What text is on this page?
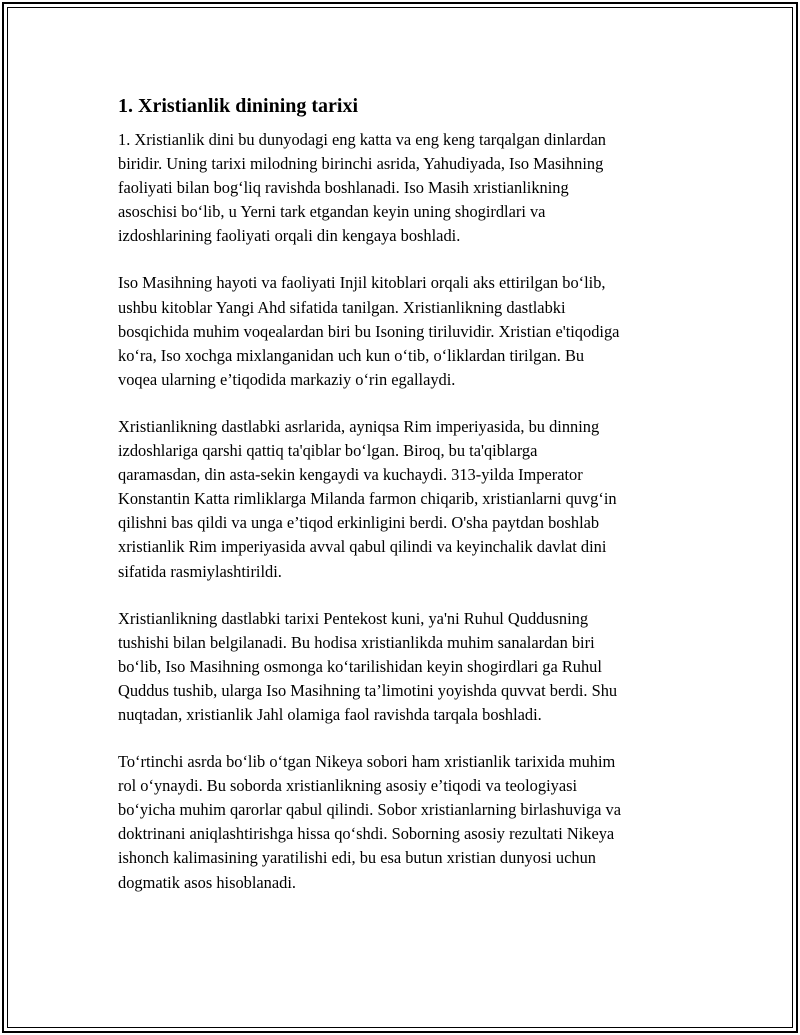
1. Xristianlik dinining tarixi
1. Xristianlik dini bu dunyodagi eng katta va eng keng tarqalgan dinlardan
biridir. Uning tarixi milodning birinchi asrida, Yahudiyada, Iso Masihning
faoliyati bilan bog‘liq ravishda boshlanadi. Iso Masih xristianlikning
asoschisi bo‘lib, u Yerni tark etgandan keyin uning shogirdlari va
izdoshlarining faoliyati orqali din kengaya boshladi.
Iso Masihning hayoti va faoliyati Injil kitoblari orqali aks ettirilgan bo‘lib,
ushbu kitoblar Yangi Ahd sifatida tanilgan. Xristianlikning dastlabki
bosqichida muhim voqealardan biri bu Isoning tiriluvidir. Xristian e'tiqodiga
ko‘ra, Iso xochga mixlanganidan uch kun o‘tib, o‘liklardan tirilgan. Bu
voqea ularning e’tiqodida markaziy o‘rin egallaydi.
Xristianlikning dastlabki asrlarida, ayniqsa Rim imperiyasida, bu dinning
izdoshlariga qarshi qattiq ta'qiblar bo‘lgan. Biroq, bu ta'qiblarga
qaramasdan, din asta-sekin kengaydi va kuchaydi. 313-yilda Imperator
Konstantin Katta rimliklarga Milanda farmon chiqarib, xristianlarni quvg‘in
qilishni bas qildi va unga e’tiqod erkinligini berdi. O'sha paytdan boshlab
xristianlik Rim imperiyasida avval qabul qilindi va keyinchalik davlat dini
sifatida rasmiylashtirildi.
Xristianlikning dastlabki tarixi Pentekost kuni, ya'ni Ruhul Quddusning
tushishi bilan belgilanadi. Bu hodisa xristianlikda muhim sanalardan biri
bo‘lib, Iso Masihning osmonga ko‘tarilishidan keyin shogirdlari ga Ruhul
Quddus tushib, ularga Iso Masihning ta’limotini yoyishda quvvat berdi. Shu
nuqtadan, xristianlik Jahl olamiga faol ravishda tarqala boshladi.
To‘rtinchi asrda bo‘lib o‘tgan Nikeya sobori ham xristianlik tarixida muhim
rol o‘ynaydi. Bu soborda xristianlikning asosiy e’tiqodi va teologiyasi
bo‘yicha muhim qarorlar qabul qilindi. Sobor xristianlarning birlashuviga va
doktrinani aniqlashtirishga hissa qo‘shdi. Soborning asosiy rezultati Nikeya
ishonch kalimasining yaratilishi edi, bu esa butun xristian dunyosi uchun
dogmatik asos hisoblanadi.
